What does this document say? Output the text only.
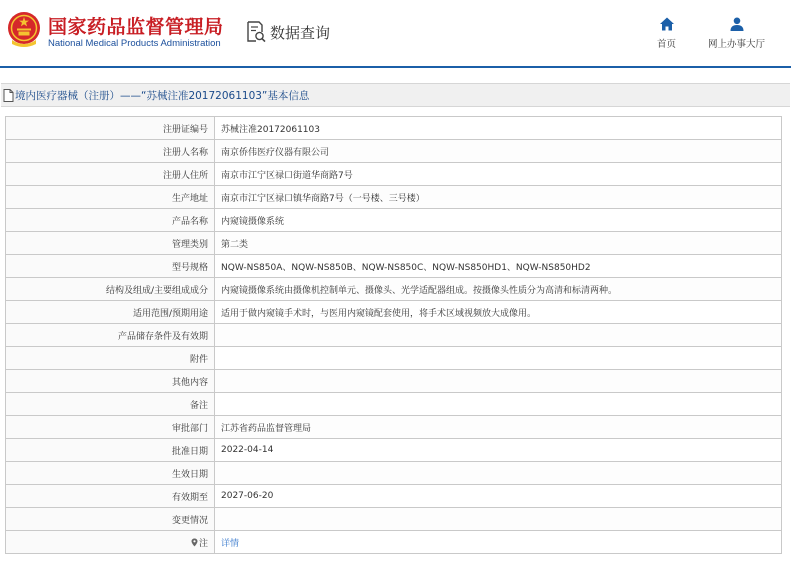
国家药品监督管理局
National Medical Products Administration
数据查询
首页	网上办事大厅
境内医疗器械（注册）——“苏械注准20172061103”基本信息
注册证编号	苏械注准20172061103
注册人名称	南京侨伟医疗仪器有限公司
注册人住所	南京市江宁区禄口街道华商路7号
生产地址	南京市江宁区禄口镇华商路7号（一号楼、三号楼）
产品名称	内窥镜摄像系统
管理类别	第二类
型号规格	NQW-NS850A、NQW-NS850B、NQW-NS850C、NQW-NS850HD1、NQW-NS850HD2
结构及组成/主要组成成分	内窥镜摄像系统由摄像机控制单元、摄像头、光学适配器组成。按摄像头性质分为高清和标清两种。
适用范围/预期用途	适用于做内窥镜手术时，与医用内窥镜配套使用，将手术区域视频放大成像用。
产品储存条件及有效期	
附件	
其他内容	
备注	
审批部门	江苏省药品监督管理局
批准日期	2022-04-14
生效日期	
有效期至	2027-06-20
变更情况	
注	详情
